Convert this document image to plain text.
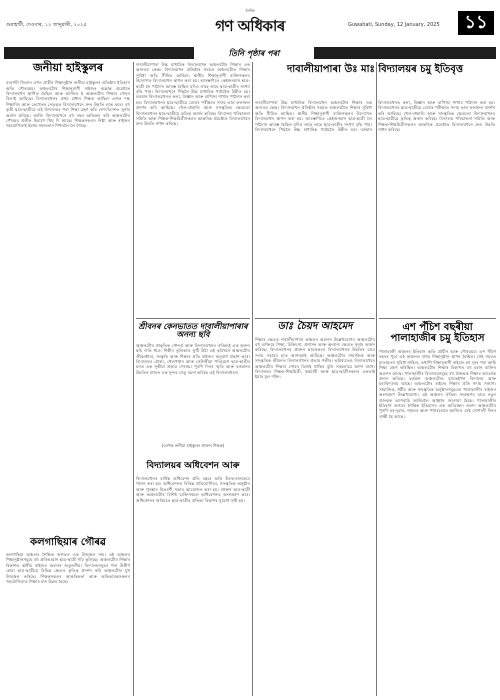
গুৱাহাটী, দেওবাৰ, ১২ জানুৱাৰী, ২০২৫
দৈনিক
গণ অধিকাৰ	Guwahati, Sunday, 12 January, 2025	১১
তিনি পৃষ্ঠাৰ পৰা
জনীয়া হাইস্কুলৰ
বৰপেটা জিলাৰ এখন প্ৰাচীন শিক্ষানুষ্ঠান জনীয়া হাইস্কুলৰ প্ৰতিষ্ঠাৰ ইতিহাস অতি গৌৰৱময়। অঞ্চলটোৰ শিক্ষানুৰাগী ৰাইজৰ অক্লান্ত প্ৰচেষ্টাত বিদ্যালয়খন স্থাপিত হৈছিল আৰু আজিও ই অঞ্চলটোৰ শিক্ষাৰ পোহৰ বিলাই আহিছে। বিদ্যালয়খনৰ প্ৰথম প্ৰধান শিক্ষক আছিল এজন দক্ষ শিক্ষাবিদ আৰু তেখেতৰ নেতৃত্বত বিদ্যালয়খনে দ্ৰুত উন্নতি লাভ কৰে। বহু কৃতী ছাত্ৰ-ছাত্ৰীয়ে এই বিদ্যালয়ৰ পৰা শিক্ষা গ্ৰহণ কৰি দেশ-বিদেশত সুনাম অৰ্জন কৰিছে। আজি বিদ্যালয়খনে বহু বছৰ অতিক্ৰম কৰি অঞ্চলটোৰ গৌৰৱৰ প্ৰতীক হিচাপে থিয় দি আছে। শিক্ষকসকলৰ নিষ্ঠা আৰু ৰাইজৰ সহযোগিতাই ইয়াক সফলতাৰ শিখৰলৈ লৈ গৈছে।
কলগাছিয়াৰ গৌৰৱ
কলগাছিয়া অঞ্চলৰ শৈক্ষিক জগতত এক উজ্জ্বল নাম। এই অঞ্চলৰ শিক্ষানুষ্ঠানসমূহে বহু প্ৰতিভাৱান ছাত্ৰ-ছাত্ৰী গঢ়ি তুলিছে। অঞ্চলটোৰ শিক্ষাৰ বিকাশত স্থানীয় ৰাইজৰ অৱদান অতুলনীয়। বিদ্যালয়সমূহৰ পৰা উত্তীৰ্ণ হোৱা ছাত্ৰ-ছাত্ৰীয়ে বিভিন্ন ক্ষেত্ৰত কৃতিত্ব প্ৰদৰ্শন কৰি অঞ্চলটোৰ মুখ উজ্জ্বল কৰিছে। শিক্ষকসকলৰ আন্তৰিকতা আৰু অভিভাৱকসকলৰ সহযোগিতাত শিক্ষাৰ মান উন্নত হৈছে।
দাবালীয়াপাৰা উঃ মাঃ বিদ্যালয়ৰ চমু ইতিবৃত্ত
দাবালীয়াপাৰা উচ্চ মাধ্যমিক বিদ্যালয়খন অঞ্চলটোৰ শিক্ষাৰ এক অন্যতম কেন্দ্ৰ। বিদ্যালয়খন প্ৰতিষ্ঠাৰ সময়ত অঞ্চলটোত শিক্ষাৰ সুবিধা অতি সীমিত আছিল। স্থানীয় শিক্ষানুৰাগী ব্যক্তিসকলৰ উদ্যোগত বিদ্যালয়খন স্থাপন কৰা হয়। আৰম্ভণিতে কেইজনমান ছাত্ৰ-ছাত্ৰী লৈ পাঠদান আৰম্ভ হৈছিল যদিও লাহে লাহে ছাত্ৰ-ছাত্ৰীৰ সংখ্যা বৃদ্ধি পায়। বিদ্যালয়খনে পিছলৈ উচ্চ মাধ্যমিক পৰ্যায়লৈ উন্নীত হয়। বৰ্তমান বিদ্যালয়খনত কলা, বিজ্ঞান আৰু বাণিজ্য শাখাৰ পাঠদান কৰা হয়। বিদ্যালয়খনৰ ছাত্ৰ-ছাত্ৰীয়ে বোৰ্ডৰ পৰীক্ষাত সদায় ভাল ফলাফল প্ৰদৰ্শন কৰি আহিছে। খেল-ধেমালি আৰু সাংস্কৃতিক ক্ষেত্ৰতো বিদ্যালয়খনৰ ছাত্ৰ-ছাত্ৰীয়ে কৃতিত্ব অৰ্জন কৰিছে। বিদ্যালয় পৰিচালনা সমিতি আৰু শিক্ষক-শিক্ষয়িত্ৰীসকলৰ আন্তৰিক প্ৰচেষ্টাত বিদ্যালয়খনে দ্ৰুত উন্নতি সাধন কৰিছে।
দাবালীয়াপাৰা উচ্চ মাধ্যমিক বিদ্যালয়খন অঞ্চলটোৰ শিক্ষাৰ এক অন্যতম কেন্দ্ৰ। বিদ্যালয়খন প্ৰতিষ্ঠাৰ সময়ত অঞ্চলটোত শিক্ষাৰ সুবিধা অতি সীমিত আছিল। স্থানীয় শিক্ষানুৰাগী ব্যক্তিসকলৰ উদ্যোগত বিদ্যালয়খন স্থাপন কৰা হয়। আৰম্ভণিতে কেইজনমান ছাত্ৰ-ছাত্ৰী লৈ পাঠদান আৰম্ভ হৈছিল যদিও লাহে লাহে ছাত্ৰ-ছাত্ৰীৰ সংখ্যা বৃদ্ধি পায়। বিদ্যালয়খনে পিছলৈ উচ্চ মাধ্যমিক পৰ্যায়লৈ উন্নীত হয়। বৰ্তমান বিদ্যালয়খনত কলা, বিজ্ঞান আৰু বাণিজ্য শাখাৰ পাঠদান কৰা হয়। বিদ্যালয়খনৰ ছাত্ৰ-ছাত্ৰীয়ে বোৰ্ডৰ পৰীক্ষাত সদায় ভাল ফলাফল প্ৰদৰ্শন কৰি আহিছে। খেল-ধেমালি আৰু সাংস্কৃতিক ক্ষেত্ৰতো বিদ্যালয়খনৰ ছাত্ৰ-ছাত্ৰীয়ে কৃতিত্ব অৰ্জন কৰিছে। বিদ্যালয় পৰিচালনা সমিতি আৰু শিক্ষক-শিক্ষয়িত্ৰীসকলৰ আন্তৰিক প্ৰচেষ্টাত বিদ্যালয়খনে দ্ৰুত উন্নতি সাধন কৰিছে।
শ্ৰীবনৰ কেনভাতত দাবালীয়াপাৰাৰ অনন্য ছবি
অঞ্চলটোৰ প্ৰাকৃতিক সৌন্দৰ্য আৰু বিদ্যালয়খনৰ ঐতিহ্যই এক অনন্য ছবি দাঙি ধৰে। শিল্পীৰ তুলিকাত ফুটি উঠা এই ছবিখনে অঞ্চলটোৰ জীৱনধাৰা, সংস্কৃতি আৰু শিক্ষাৰ প্ৰতি ৰাইজৰ অনুৰাগ প্ৰকাশ কৰে। বিদ্যালয়ৰ চৌহদ, খেলপথাৰ আৰু সেউজীয়া পৰিৱেশে ছাত্ৰ-ছাত্ৰীৰ মনত এক সুকীয়া প্ৰভাৱ পেলায়। পুৰণি দিনৰ স্মৃতি আৰু বৰ্তমানৰ উন্নতিৰ মাজত এক সুন্দৰ সেতু ৰচনা কৰিছে এই বিদ্যালয়খনে।
(লেখক জনীয়া হাইস্কুলৰ প্ৰাক্তন শিক্ষক)
বিদ্যালয়ৰ অধিবেশন আৰু
বিদ্যালয়খনৰ বাৰ্ষিক অধিবেশন প্ৰতি বছৰে অতি উলহ-মালহেৰে পালন কৰা হয়। অধিবেশনত বিভিন্ন প্ৰতিযোগিতা, সাংস্কৃতিক অনুষ্ঠান আৰু পুৰস্কাৰ বিতৰণী সভাৰ আয়োজন কৰা হয়। প্ৰাক্তন ছাত্ৰ-ছাত্ৰী আৰু অঞ্চলটোৰ বিশিষ্ট ব্যক্তিসকলে অধিবেশনত অংশগ্ৰহণ কৰে। অধিবেশনৰ জৰিয়তে ছাত্ৰ-ছাত্ৰীৰ প্ৰতিভা বিকাশৰ সুযোগ সৃষ্টি হয়।
ডাঃ চৈয়দ আহমেদ
শিক্ষাৰ ক্ষেত্ৰত দাবালীয়াপাৰা অঞ্চলৰ অৱদান উল্লেখযোগ্য। অঞ্চলটোৰ বহু ব্যক্তিয়ে শিক্ষা, চিকিৎসা, প্ৰশাসন আৰু অন্যান্য ক্ষেত্ৰত সুনাম অৰ্জন কৰিছে। বিদ্যালয়খনৰ প্ৰাক্তন ছাত্ৰসকলে বিদ্যালয়খনৰ উন্নতিৰ বাবে সদায় সহায়ৰ হাত আগবঢ়াই আহিছে। অঞ্চলটোৰ সামাজিক আৰু সাংস্কৃতিক জীৱনত বিদ্যালয়খনৰ প্ৰভাৱ গভীৰ। ভৱিষ্যতেও বিদ্যালয়খনে অঞ্চলটোৰ শিক্ষাৰ পোহৰ বিলাই থাকিব বুলি সকলোৱে আশা ৰাখে। বিদ্যালয়ৰ শিক্ষক-শিক্ষয়িত্ৰী, কৰ্মচাৰী আৰু ছাত্ৰ-ছাত্ৰীসকলৰ একতাই ইয়াৰ মূল শক্তি।
এশ পঁচিশ বছৰীয়া পালাহাজীৰ চমু ইতিহাস
পালাহাজী অঞ্চলৰ ইতিহাস অতি প্ৰাচীন আৰু গৌৰৱময়। এশ পঁচিশ বছৰৰ পূৰ্বে এই অঞ্চলত প্ৰথম শিক্ষানুষ্ঠান স্থাপন হৈছিল। সেই সময়ত যাতায়তৰ সুবিধা নাছিল, তথাপি শিক্ষানুৰাগী ৰাইজে বহু দূৰৰ পৰা আহি শিক্ষা গ্ৰহণ কৰিছিল। অঞ্চলটোৰ শিক্ষাৰ বিকাশত বহু মহান ব্যক্তিৰ অৱদান আছে। পালাহাজীৰ বিদ্যালয়সমূহে বহু প্ৰজন্মক শিক্ষাৰ আলোক প্ৰদান কৰিছে। বৰ্তমান অঞ্চলটোত বহুকেইখন বিদ্যালয় আৰু মহাবিদ্যালয় আছে। অঞ্চলটোৰ ৰাইজে শিক্ষাৰ প্ৰতি সদায় সজাগ। সামাজিক, ধৰ্মীয় আৰু সাংস্কৃতিক অনুষ্ঠানসমূহতো পালাহাজীৰ ৰাইজৰ অংশগ্ৰহণ উল্লেখযোগ্য। এই অঞ্চলৰ ঐতিহ্য সংৰক্ষণৰ বাবে নতুন প্ৰজন্মক আগবাঢ়ি আহিবলৈ আহ্বান জনোৱা হৈছে। পালাহাজীৰ ইতিহাস অসমৰ শৈক্ষিক ইতিহাসৰ এক অবিচ্ছেদ্য অংশ। অঞ্চলটোৰ পুৰণি ঘৰ-দুৱাৰ, নামঘৰ আৰু পথাৰবোৰে আজিও সেই সোণালী দিনৰ সাক্ষী হৈ আছে।
